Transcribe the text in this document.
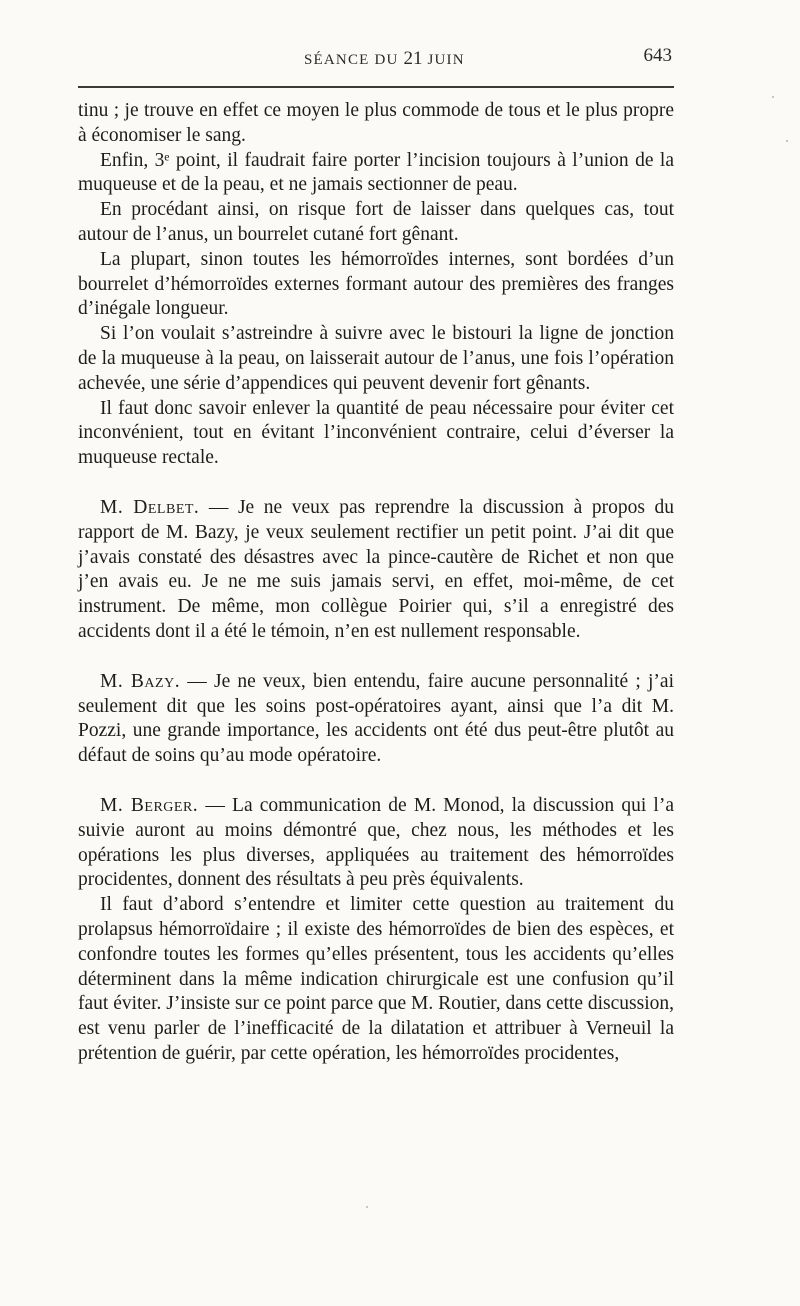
SÉANCE DU 21 JUIN	643

tinu ; je trouve en effet ce moyen le plus commode de tous et le plus propre à économiser le sang.

Enfin, 3ᵉ point, il faudrait faire porter l’incision toujours à l’union de la muqueuse et de la peau, et ne jamais sectionner de peau.

En procédant ainsi, on risque fort de laisser dans quelques cas, tout autour de l’anus, un bourrelet cutané fort gênant.

La plupart, sinon toutes les hémorroïdes internes, sont bordées d’un bourrelet d’hémorroïdes externes formant autour des premières des franges d’inégale longueur.

Si l’on voulait s’astreindre à suivre avec le bistouri la ligne de jonction de la muqueuse à la peau, on laisserait autour de l’anus, une fois l’opération achevée, une série d’appendices qui peuvent devenir fort gênants.

Il faut donc savoir enlever la quantité de peau nécessaire pour éviter cet inconvénient, tout en évitant l’inconvénient contraire, celui d’éverser la muqueuse rectale.

M. Delbet. — Je ne veux pas reprendre la discussion à propos du rapport de M. Bazy, je veux seulement rectifier un petit point. J’ai dit que j’avais constaté des désastres avec la pince-cautère de Richet et non que j’en avais eu. Je ne me suis jamais servi, en effet, moi-même, de cet instrument. De même, mon collègue Poirier qui, s’il a enregistré des accidents dont il a été le témoin, n’en est nullement responsable.

M. Bazy. — Je ne veux, bien entendu, faire aucune personnalité ; j’ai seulement dit que les soins post-opératoires ayant, ainsi que l’a dit M. Pozzi, une grande importance, les accidents ont été dus peut-être plutôt au défaut de soins qu’au mode opératoire.

M. Berger. — La communication de M. Monod, la discussion qui l’a suivie auront au moins démontré que, chez nous, les méthodes et les opérations les plus diverses, appliquées au traitement des hémorroïdes procidentes, donnent des résultats à peu près équivalents.

Il faut d’abord s’entendre et limiter cette question au traitement du prolapsus hémorroïdaire ; il existe des hémorroïdes de bien des espèces, et confondre toutes les formes qu’elles présentent, tous les accidents qu’elles déterminent dans la même indication chirurgicale est une confusion qu’il faut éviter. J’insiste sur ce point parce que M. Routier, dans cette discussion, est venu parler de l’inefficacité de la dilatation et attribuer à Verneuil la prétention de guérir, par cette opération, les hémorroïdes procidentes,
